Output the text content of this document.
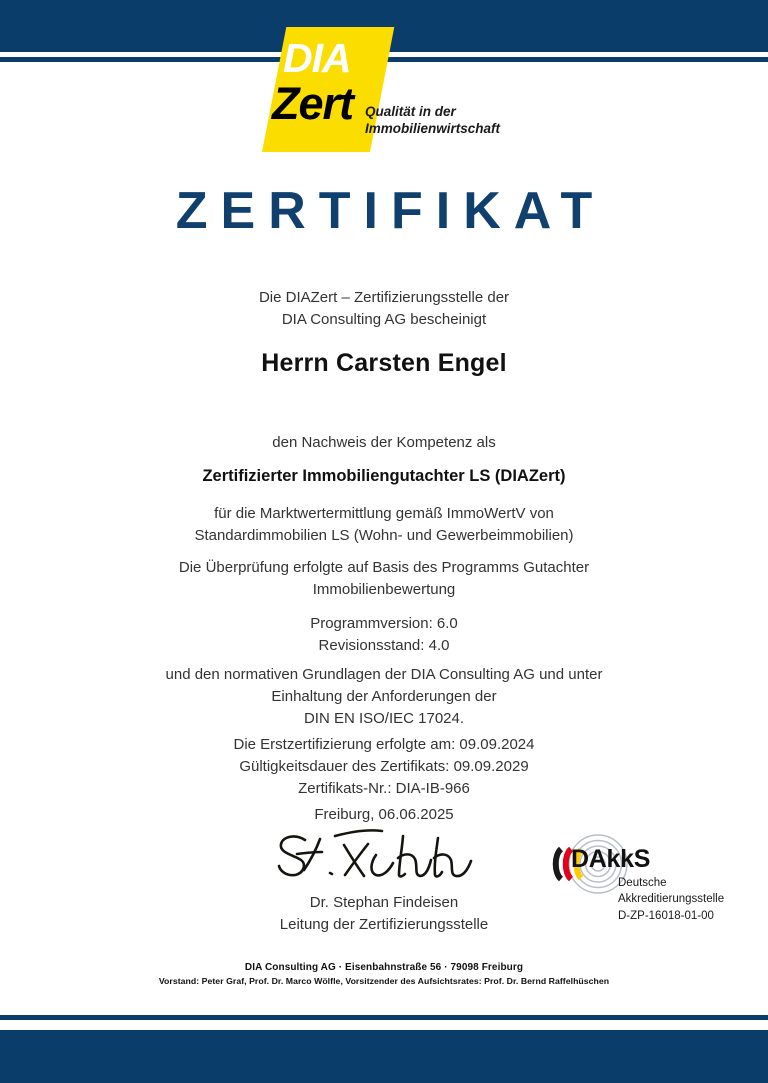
DIA
Zert Qualität in der
Immobilienwirtschaft
ZERTIFIKAT
Die DIAZert – Zertifizierungsstelle der
DIA Consulting AG bescheinigt
Herrn Carsten Engel
den Nachweis der Kompetenz als
Zertifizierter Immobiliengutachter LS (DIAZert)
für die Marktwertermittlung gemäß ImmoWertV von
Standardimmobilien LS (Wohn- und Gewerbeimmobilien)
Die Überprüfung erfolgte auf Basis des Programms Gutachter
Immobilienbewertung
Programmversion: 6.0
Revisionsstand: 4.0
und den normativen Grundlagen der DIA Consulting AG und unter
Einhaltung der Anforderungen der
DIN EN ISO/IEC 17024.
Die Erstzertifizierung erfolgte am: 09.09.2024
Gültigkeitsdauer des Zertifikats: 09.09.2029
Zertifikats-Nr.: DIA-IB-966
Freiburg, 06.06.2025
Dr. Stephan Findeisen
Leitung der Zertifizierungsstelle
DAkkS
Deutsche
Akkreditierungsstelle
D-ZP-16018-01-00
DIA Consulting AG · Eisenbahnstraße 56 · 79098 Freiburg
Vorstand: Peter Graf, Prof. Dr. Marco Wölfle, Vorsitzender des Aufsichtsrates: Prof. Dr. Bernd Raffelhüschen
